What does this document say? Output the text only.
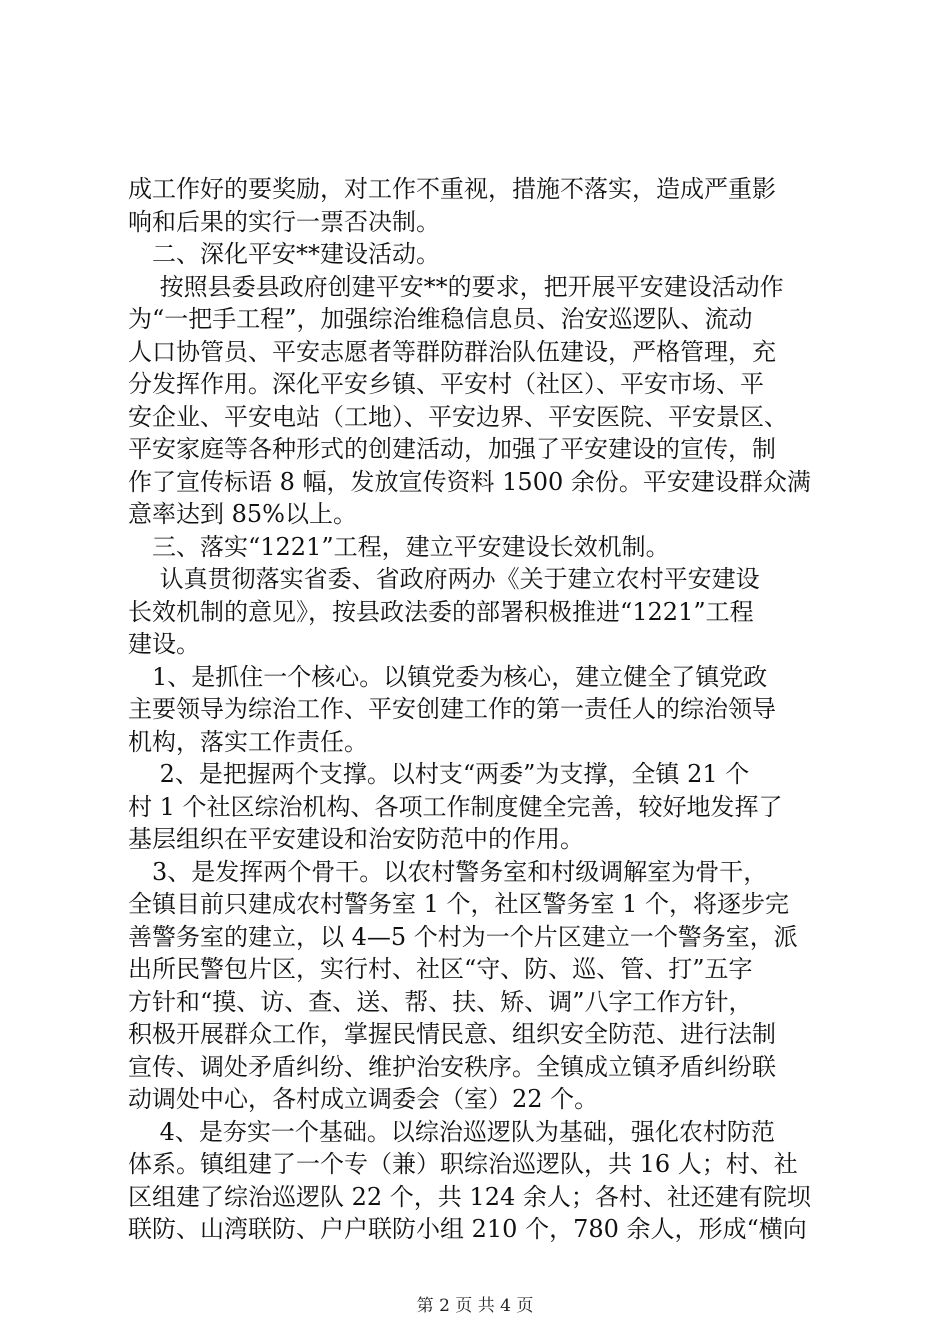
成工作好的要奖励，对工作不重视，措施不落实，造成严重影
响和后果的实行一票否决制。
　二、深化平安**建设活动。
　 按照县委县政府创建平安**的要求，把开展平安建设活动作
为“一把手工程”，加强综治维稳信息员、治安巡逻队、流动
人口协管员、平安志愿者等群防群治队伍建设，严格管理，充
分发挥作用。深化平安乡镇、平安村（社区）、平安市场、平
安企业、平安电站（工地）、平安边界、平安医院、平安景区、
平安家庭等各种形式的创建活动，加强了平安建设的宣传，制
作了宣传标语 8 幅，发放宣传资料 1500 余份。平安建设群众满
意率达到 85%以上。
　三、落实“1221”工程，建立平安建设长效机制。
　 认真贯彻落实省委、省政府两办《关于建立农村平安建设
长效机制的意见》，按县政法委的部署积极推进“1221”工程
建设。
　1、是抓住一个核心。以镇党委为核心，建立健全了镇党政
主要领导为综治工作、平安创建工作的第一责任人的综治领导
机构，落实工作责任。
　 2、是把握两个支撑。以村支“两委”为支撑，全镇 21 个
村 1 个社区综治机构、各项工作制度健全完善，较好地发挥了
基层组织在平安建设和治安防范中的作用。
　3、是发挥两个骨干。以农村警务室和村级调解室为骨干，
全镇目前只建成农村警务室 1 个，社区警务室 1 个，将逐步完
善警务室的建立，以 4—5 个村为一个片区建立一个警务室，派
出所民警包片区，实行村、社区“守、防、巡、管、打”五字
方针和“摸、访、查、送、帮、扶、矫、调”八字工作方针，
积极开展群众工作，掌握民情民意、组织安全防范、进行法制
宣传、调处矛盾纠纷、维护治安秩序。全镇成立镇矛盾纠纷联
动调处中心，各村成立调委会（室）22 个。
　 4、是夯实一个基础。以综治巡逻队为基础，强化农村防范
体系。镇组建了一个专（兼）职综治巡逻队，共 16 人；村、社
区组建了综治巡逻队 22 个，共 124 余人；各村、社还建有院坝
联防、山湾联防、户户联防小组 210 个，780 余人，形成“横向
第 2 页 共 4 页
